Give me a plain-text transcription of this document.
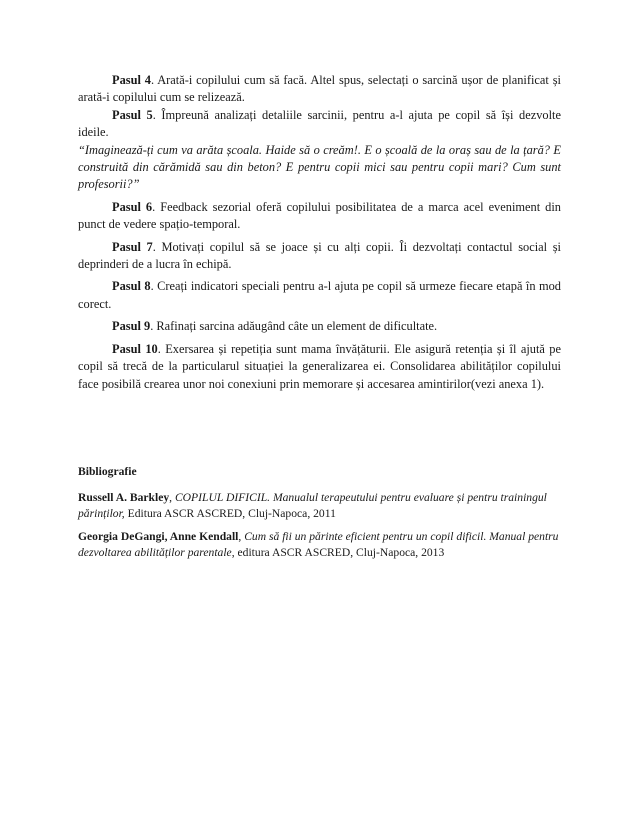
Pasul 4. Arată-i copilului cum să facă. Altel spus, selectați o sarcină ușor de planificat și arată-i copilului cum se relizează.

Pasul 5. Împreună analizați detaliile sarcinii, pentru a-l ajuta pe copil să își dezvolte ideile.
“Imaginează-ți cum va arăta școala. Haide să o creăm!. E o școală de la oraș sau de la țară? E construită din cărămidă sau din beton? E pentru copii mici sau pentru copii mari? Cum sunt profesorii?”

Pasul 6. Feedback sezorial oferă copilului posibilitatea de a marca acel eveniment din punct de vedere spațio-temporal.

Pasul 7. Motivați copilul să se joace și cu alți copii. Îi dezvoltați contactul social și deprinderi de a lucra în echipă.

Pasul 8. Creați indicatori speciali pentru a-l ajuta pe copil să urmeze fiecare etapă în mod corect.

Pasul 9. Rafinați sarcina adăugând câte un element de dificultate.

Pasul 10. Exersarea și repetiția sunt mama învățăturii. Ele asigură retenția și îl ajută pe copil să trecă de la particularul situației la generalizarea ei. Consolidarea abilităților copilului face posibilă crearea unor noi conexiuni prin memorare și accesarea amintirilor(vezi anexa 1).

Bibliografie

Russell A. Barkley, COPILUL DIFICIL. Manualul terapeutului pentru evaluare și pentru trainingul părinților, Editura ASCR ASCRED, Cluj-Napoca, 2011

Georgia DeGangi, Anne Kendall, Cum să fii un părinte eficient pentru un copil dificil. Manual pentru dezvoltarea abilităților parentale, editura ASCR ASCRED, Cluj-Napoca, 2013
